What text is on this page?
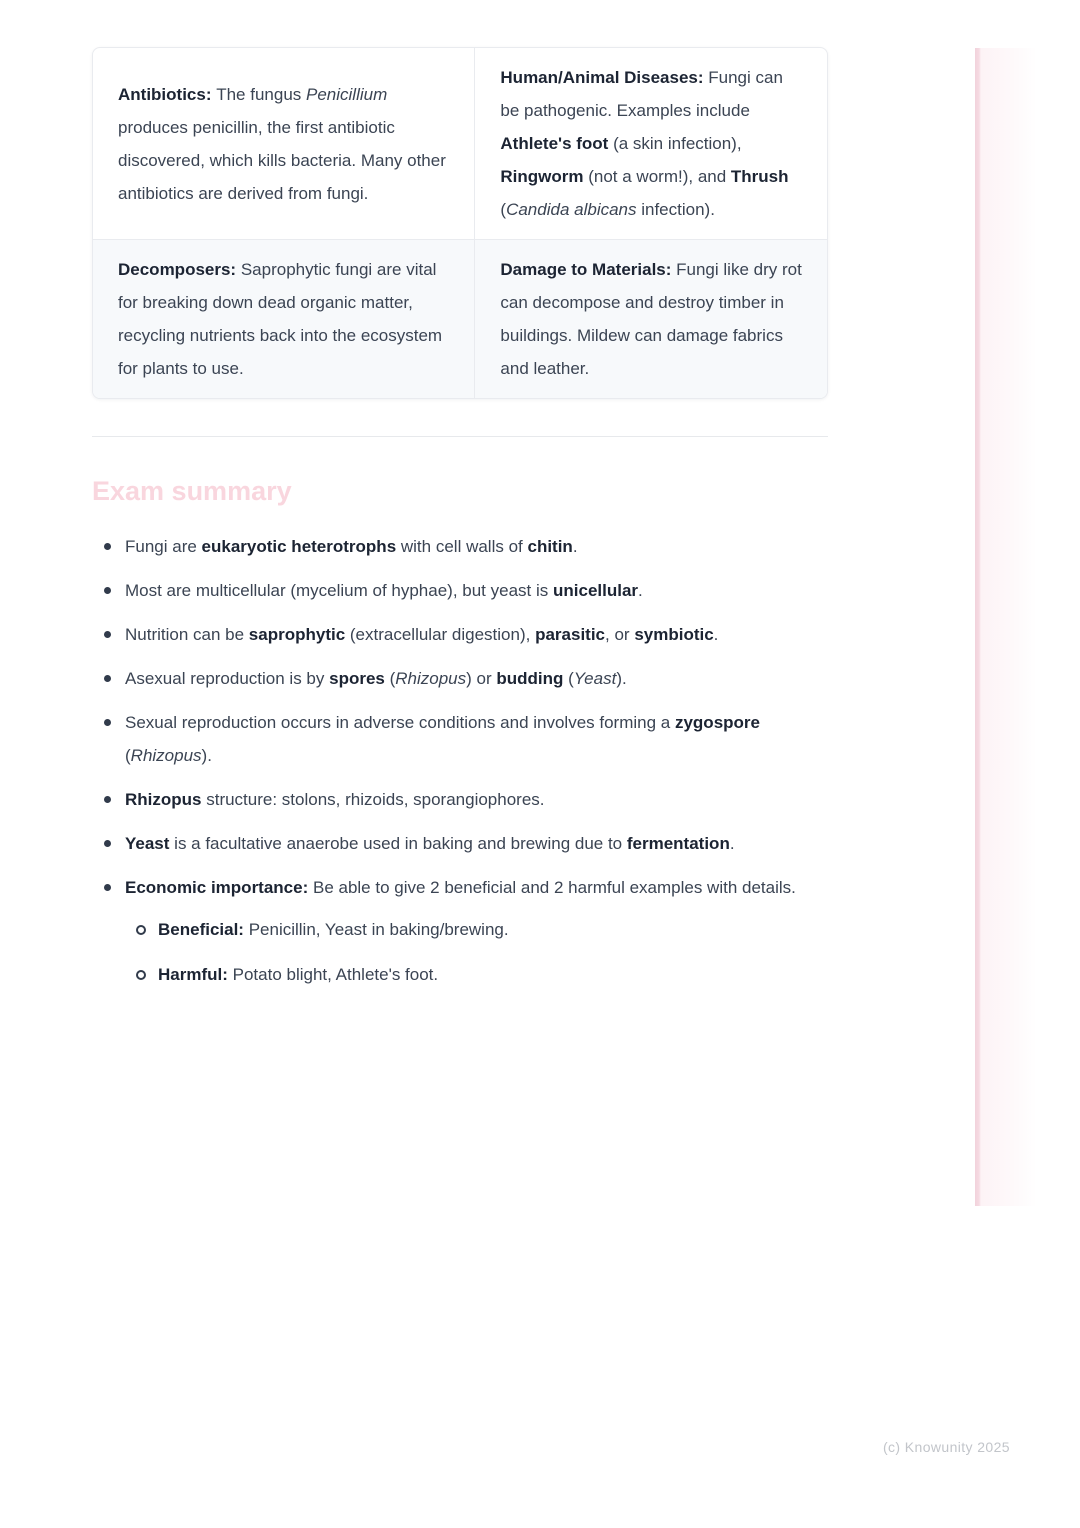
Antibiotics: The fungus Penicillium produces penicillin, the first antibiotic discovered, which kills bacteria. Many other antibiotics are derived from fungi.
Human/Animal Diseases: Fungi can be pathogenic. Examples include Athlete's foot (a skin infection), Ringworm (not a worm!), and Thrush (Candida albicans infection).
Decomposers: Saprophytic fungi are vital for breaking down dead organic matter, recycling nutrients back into the ecosystem for plants to use.
Damage to Materials: Fungi like dry rot can decompose and destroy timber in buildings. Mildew can damage fabrics and leather.
Exam summary
Fungi are eukaryotic heterotrophs with cell walls of chitin.
Most are multicellular (mycelium of hyphae), but yeast is unicellular.
Nutrition can be saprophytic (extracellular digestion), parasitic, or symbiotic.
Asexual reproduction is by spores (Rhizopus) or budding (Yeast).
Sexual reproduction occurs in adverse conditions and involves forming a zygospore (Rhizopus).
Rhizopus structure: stolons, rhizoids, sporangiophores.
Yeast is a facultative anaerobe used in baking and brewing due to fermentation.
Economic importance: Be able to give 2 beneficial and 2 harmful examples with details.
Beneficial: Penicillin, Yeast in baking/brewing.
Harmful: Potato blight, Athlete's foot.
(c) Knowunity 2025
